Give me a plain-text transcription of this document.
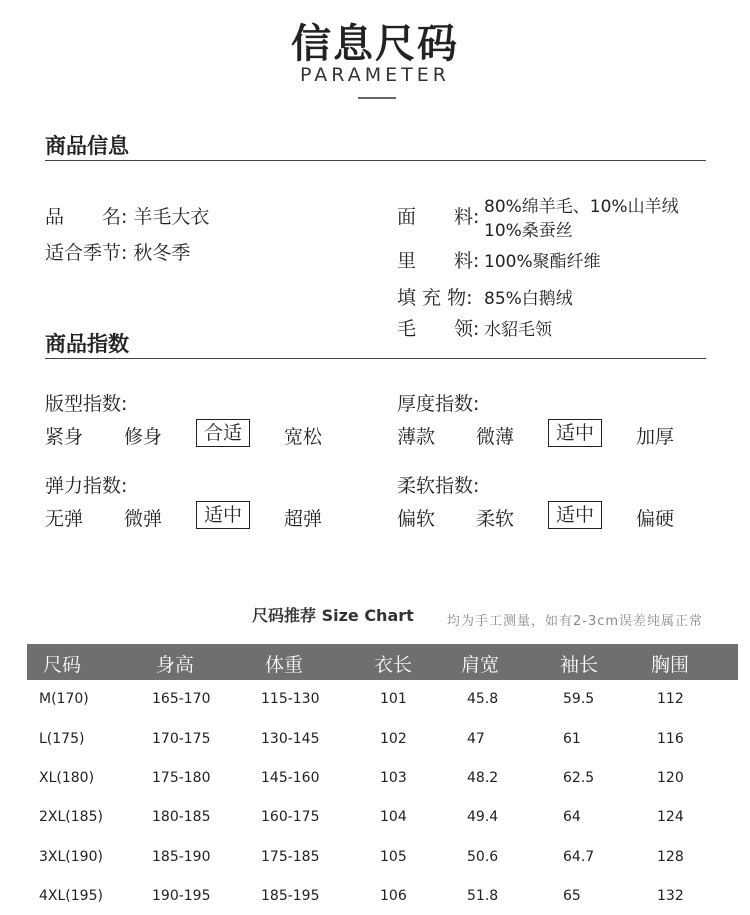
信息尺码
PARAMETER
商品信息
品　　名: 羊毛大衣
适合季节: 秋冬季
面　　料: 80%绵羊毛、10%山羊绒
10%桑蚕丝
里　　料: 100%聚酯纤维
填 充 物: 85%白鹅绒
毛　　领: 水貂毛领
商品指数
版型指数:
紧身 修身	合适	宽松
厚度指数:
薄款 微薄	适中	加厚
弹力指数:
无弹 微弹	适中	超弹
柔软指数:
偏软 柔软	适中	偏硬
尺码推荐 Size Chart	均为手工测量，如有2-3cm误差纯属正常
尺码	身高	体重	衣长	肩宽	袖长	胸围
M(170)	165-170	115-130	101	45.8	59.5	112
L(175)	170-175	130-145	102	47	61	116
XL(180)	175-180	145-160	103	48.2	62.5	120
2XL(185)	180-185	160-175	104	49.4	64	124
3XL(190)	185-190	175-185	105	50.6	64.7	128
4XL(195)	190-195	185-195	106	51.8	65	132
